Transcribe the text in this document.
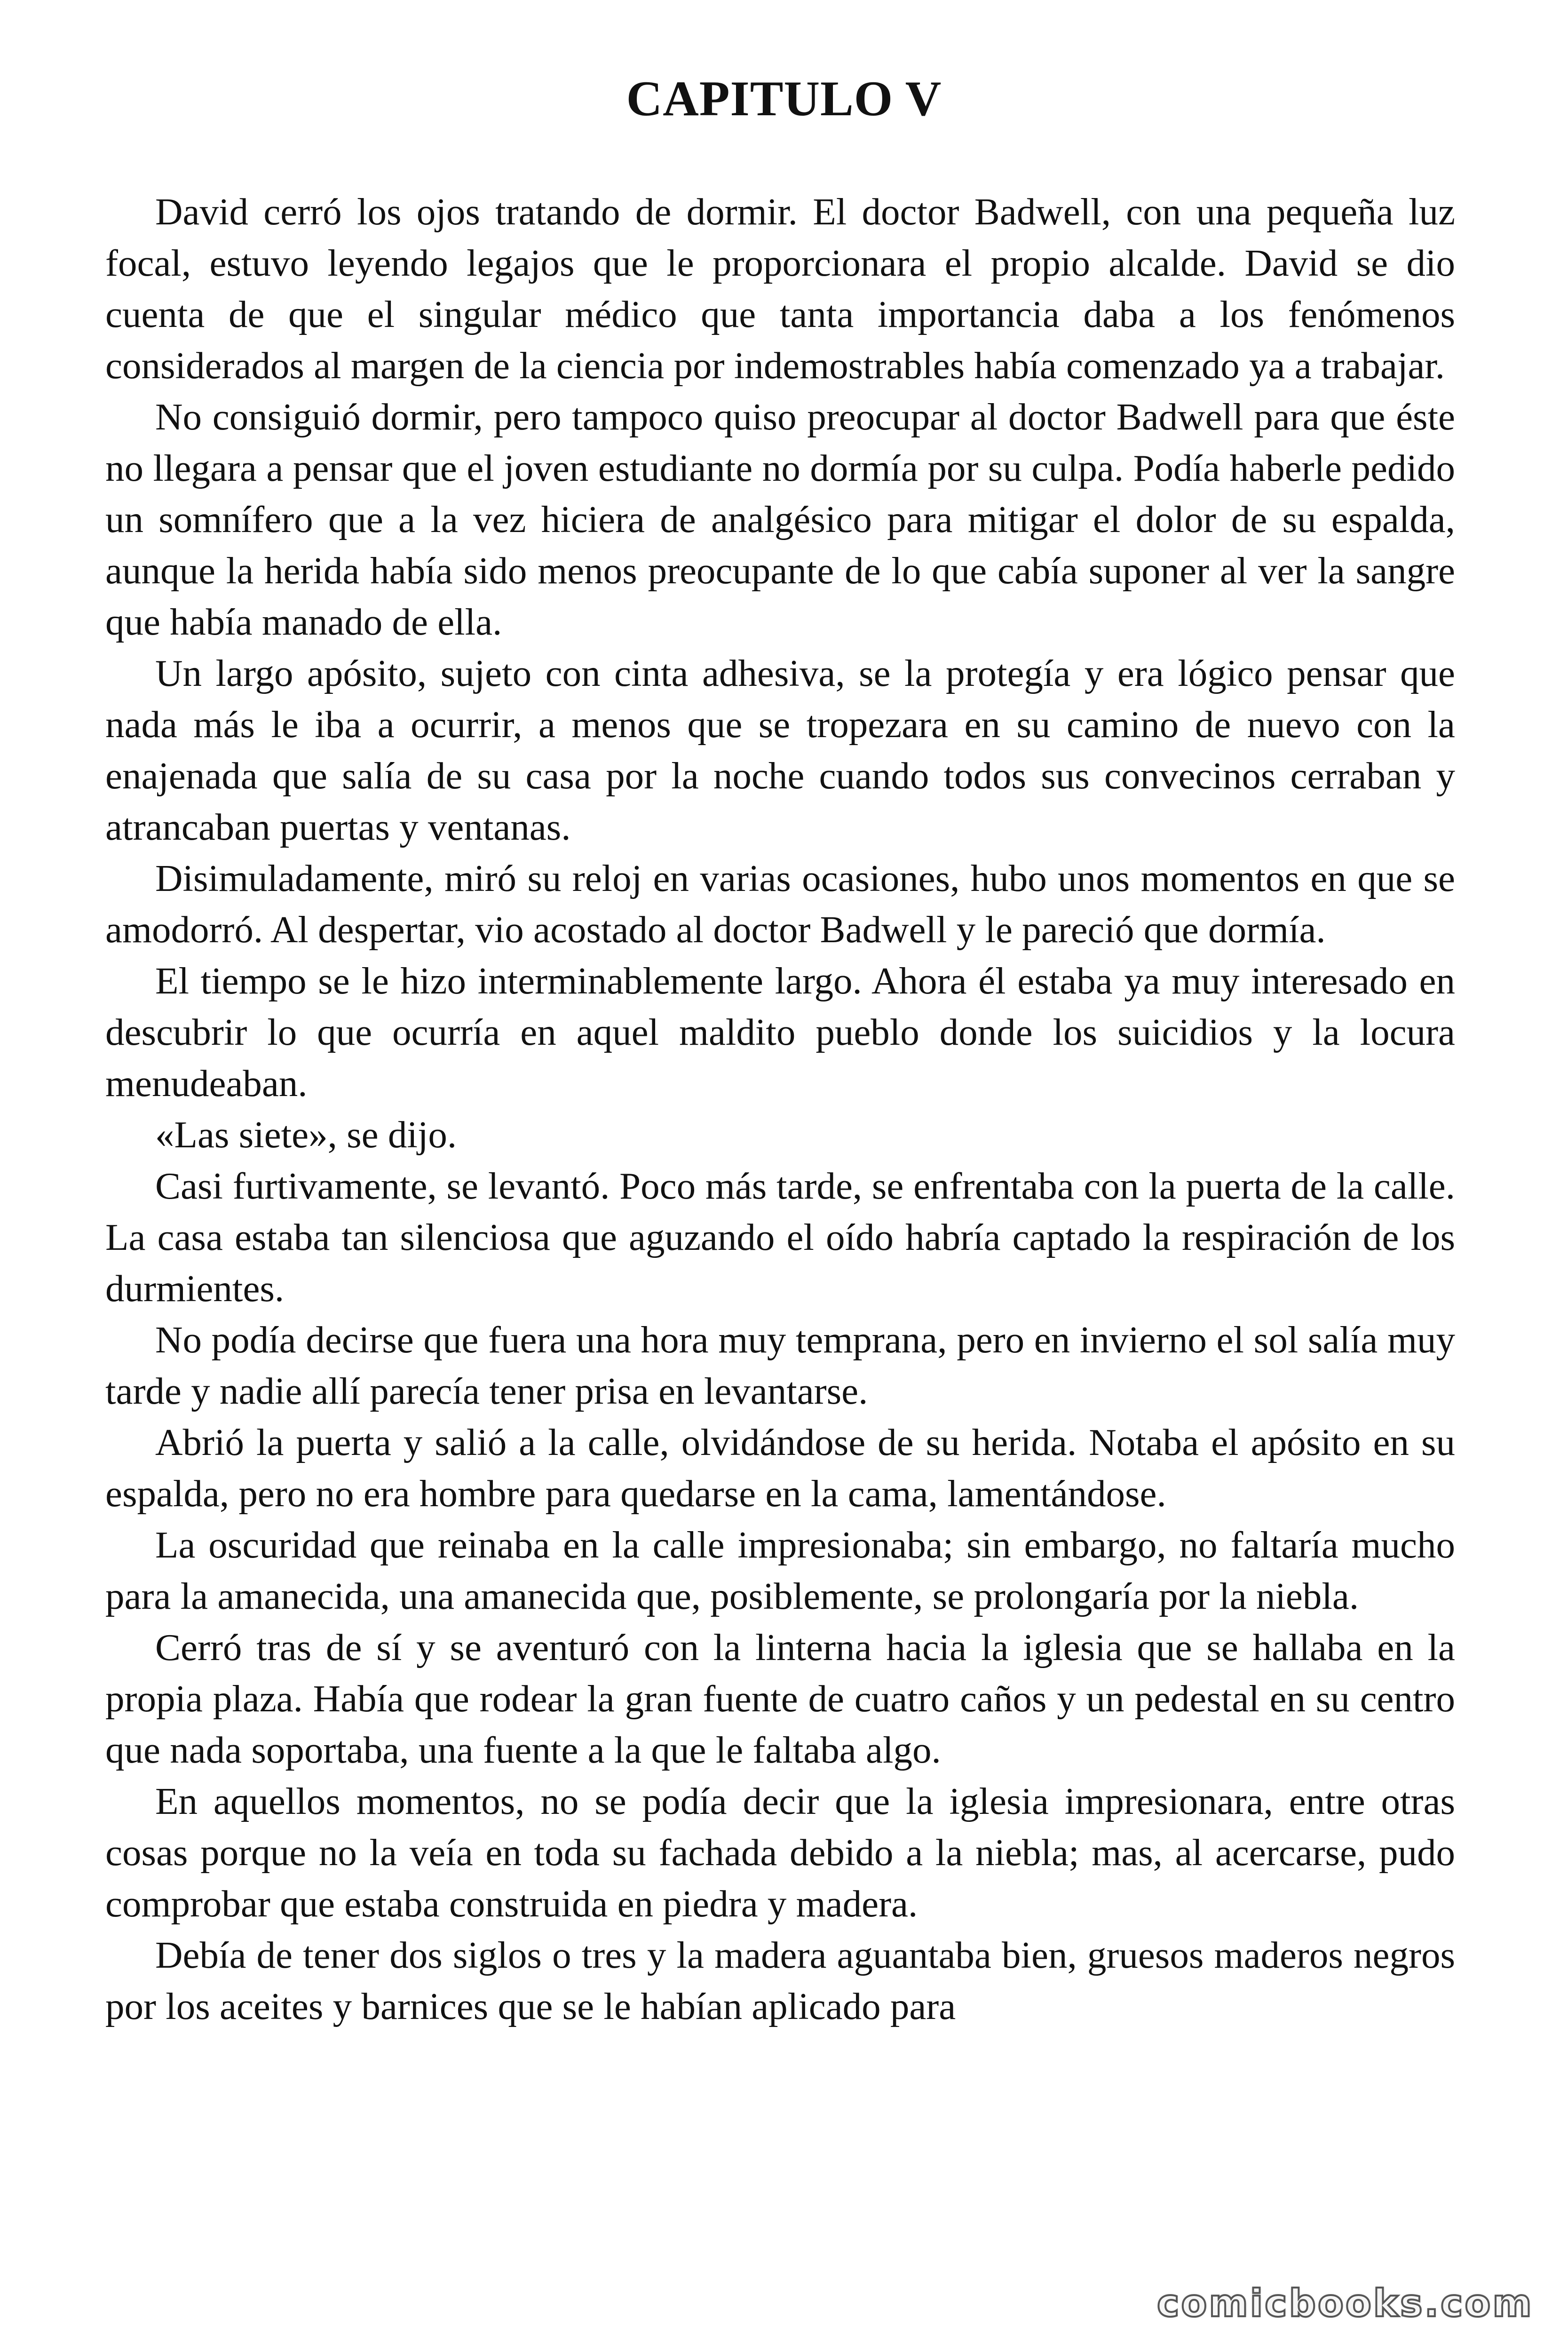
CAPITULO V

David cerró los ojos tratando de dormir. El doctor Badwell, con una pequeña luz focal, estuvo leyendo legajos que le proporcionara el propio alcalde. David se dio cuenta de que el singular médico que tanta importancia daba a los fenómenos considerados al margen de la ciencia por indemostrables había comenzado ya a trabajar.

No consiguió dormir, pero tampoco quiso preocupar al doctor Badwell para que éste no llegara a pensar que el joven estudiante no dormía por su culpa. Podía haberle pedido un somnífero que a la vez hiciera de analgésico para mitigar el dolor de su espalda, aunque la herida había sido menos preocupante de lo que cabía suponer al ver la sangre que había manado de ella.

Un largo apósito, sujeto con cinta adhesiva, se la protegía y era lógico pensar que nada más le iba a ocurrir, a menos que se tropezara en su camino de nuevo con la enajenada que salía de su casa por la noche cuando todos sus convecinos cerraban y atrancaban puertas y ventanas.

Disimuladamente, miró su reloj en varias ocasiones, hubo unos momentos en que se amodorró. Al despertar, vio acostado al doctor Badwell y le pareció que dormía.

El tiempo se le hizo interminablemente largo. Ahora él estaba ya muy interesado en descubrir lo que ocurría en aquel maldito pueblo donde los suicidios y la locura menudeaban.

«Las siete», se dijo.

Casi furtivamente, se levantó. Poco más tarde, se enfrentaba con la puerta de la calle. La casa estaba tan silenciosa que aguzando el oído habría captado la respiración de los durmientes.

No podía decirse que fuera una hora muy temprana, pero en invierno el sol salía muy tarde y nadie allí parecía tener prisa en levantarse.

Abrió la puerta y salió a la calle, olvidándose de su herida. Notaba el apósito en su espalda, pero no era hombre para quedarse en la cama, lamentándose.

La oscuridad que reinaba en la calle impresionaba; sin embargo, no faltaría mucho para la amanecida, una amanecida que, posiblemente, se prolongaría por la niebla.

Cerró tras de sí y se aventuró con la linterna hacia la iglesia que se hallaba en la propia plaza. Había que rodear la gran fuente de cuatro caños y un pedestal en su centro que nada soportaba, una fuente a la que le faltaba algo.

En aquellos momentos, no se podía decir que la iglesia impresionara, entre otras cosas porque no la veía en toda su fachada debido a la niebla; mas, al acercarse, pudo comprobar que estaba construida en piedra y madera.

Debía de tener dos siglos o tres y la madera aguantaba bien, gruesos maderos negros por los aceites y barnices que se le habían aplicado para

comicbooks.com
